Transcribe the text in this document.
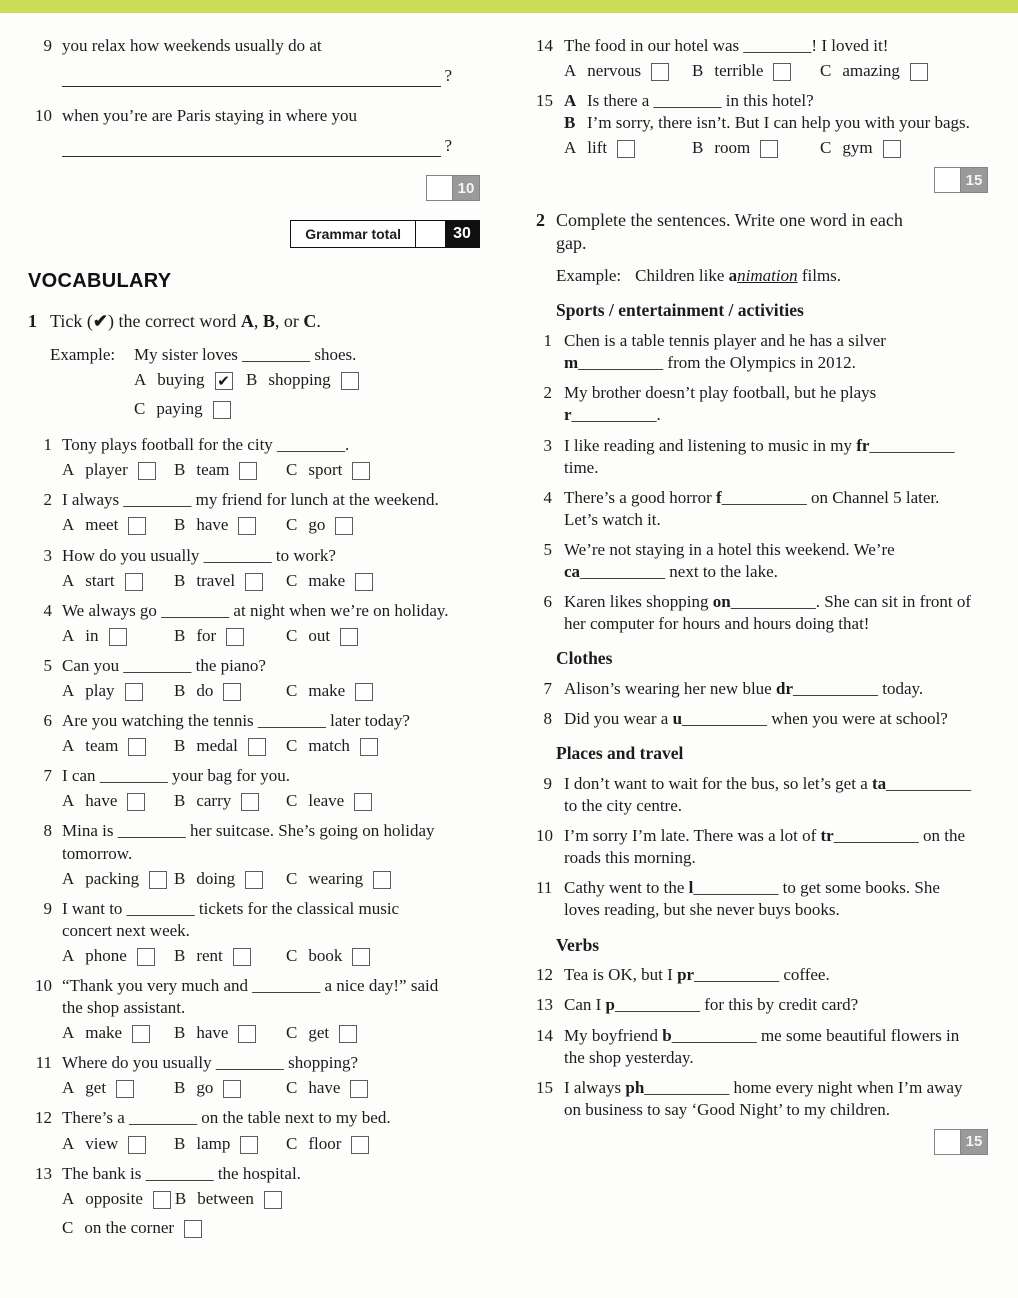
9 you relax how weekends usually do at
?
10 when you’re are Paris staying in where you
?
10
Grammar total	30
VOCABULARY
1 Tick (✔) the correct word A, B, or C.
Example:	My sister loves ________ shoes.
A buying ✔ B shopping
C paying
1 Tony plays football for the city ________.
A player	B team	C sport
2 I always ________ my friend for lunch at the weekend.
A meet	B have	C go
3 How do you usually ________ to work?
A start	B travel	C make
4 We always go ________ at night when we’re on holiday.
A in	B for	C out
5 Can you ________ the piano?
A play	B do	C make
6 Are you watching the tennis ________ later today?
A team	B medal	C match
7 I can ________ your bag for you.
A have	B carry	C leave
8 Mina is ________ her suitcase. She’s going on holiday tomorrow.
A packing B doing	C wearing
9 I want to ________ tickets for the classical music concert next week.
A phone	B rent	C book
10 “Thank you very much and ________ a nice day!” said the shop assistant.
A make	B have	C get
11 Where do you usually ________ shopping?
A get	B go	C have
12 There’s a ________ on the table next to my bed.
A view	B lamp	C floor
13 The bank is ________ the hospital.
A opposite B between
C on the corner
14 The food in our hotel was ________! I loved it!
A nervous	B terrible	C amazing
15 A Is there a ________ in this hotel?
B I’m sorry, there isn’t. But I can help you with your bags.
A lift	B room	C gym
15
2 Complete the sentences. Write one word in each gap.
Example: Children like animation films.
Sports / entertainment / activities
1 Chen is a table tennis player and he has a silver m__________ from the Olympics in 2012.
2 My brother doesn’t play football, but he plays r__________.
3 I like reading and listening to music in my fr__________ time.
4 There’s a good horror f__________ on Channel 5 later. Let’s watch it.
5 We’re not staying in a hotel this weekend. We’re ca__________ next to the lake.
6 Karen likes shopping on__________. She can sit in front of her computer for hours and hours doing that!
Clothes
7 Alison’s wearing her new blue dr__________ today.
8 Did you wear a u__________ when you were at school?
Places and travel
9 I don’t want to wait for the bus, so let’s get a ta__________ to the city centre.
10 I’m sorry I’m late. There was a lot of tr__________ on the roads this morning.
11 Cathy went to the l__________ to get some books. She loves reading, but she never buys books.
Verbs
12 Tea is OK, but I pr__________ coffee.
13 Can I p__________ for this by credit card?
14 My boyfriend b__________ me some beautiful flowers in the shop yesterday.
15 I always ph__________ home every night when I’m away on business to say ‘Good Night’ to my children.
15
